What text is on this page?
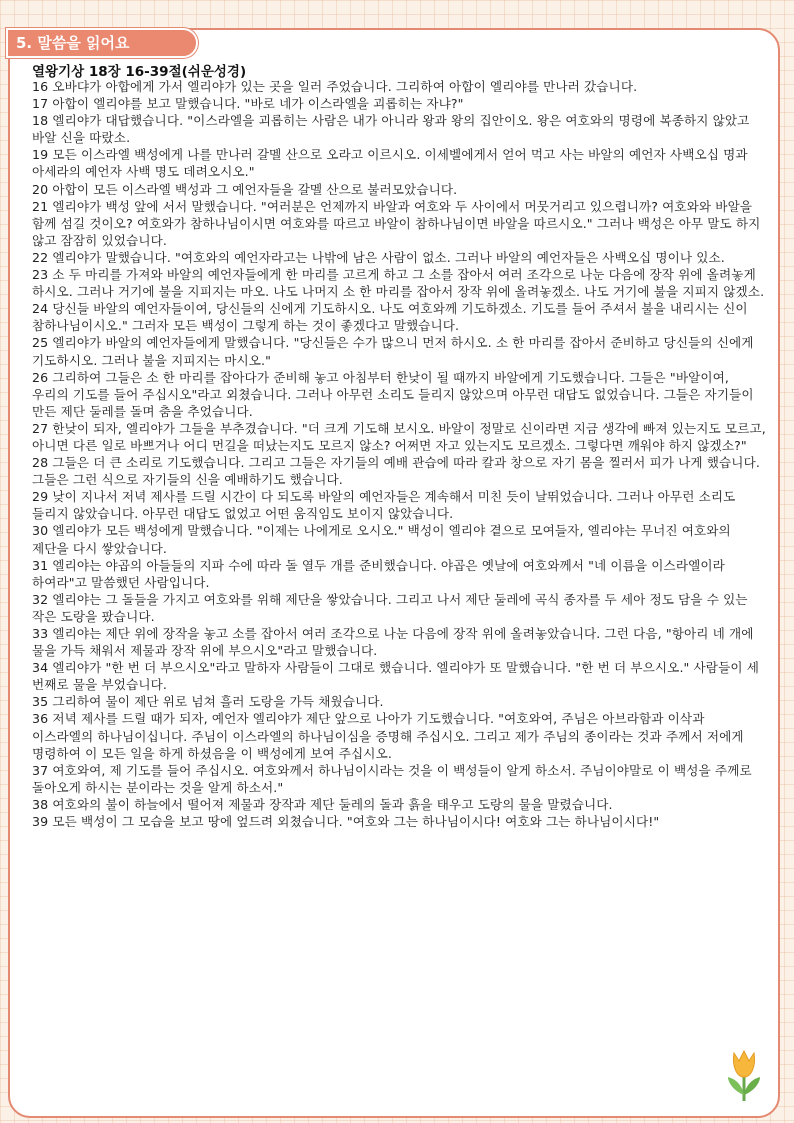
5. 말씀을 읽어요
열왕기상 18장 16-39절(쉬운성경)

16 오바댜가 아합에게 가서 엘리야가 있는 곳을 일러 주었습니다. 그리하여 아합이 엘리야를 만나러 갔습니다.

17 아합이 엘리야를 보고 말했습니다. "바로 네가 이스라엘을 괴롭히는 자냐?"

18 엘리야가 대답했습니다. "이스라엘을 괴롭히는 사람은 내가 아니라 왕과 왕의 집안이오. 왕은 여호와의 명령에 복종하지 않았고 바알 신을 따랐소.

19 모든 이스라엘 백성에게 나를 만나러 갈멜 산으로 오라고 이르시오. 이세벨에게서 얻어 먹고 사는 바알의 예언자 사백오십 명과 아세라의 예언자 사백 명도 데려오시오."

20 아합이 모든 이스라엘 백성과 그 예언자들을 갈멜 산으로 불러모았습니다.

21 엘리야가 백성 앞에 서서 말했습니다. "여러분은 언제까지 바알과 여호와 두 사이에서 머뭇거리고 있으렵니까? 여호와와 바알을 함께 섬길 것이오? 여호와가 참하나님이시면 여호와를 따르고 바알이 참하나님이면 바알을 따르시오." 그러나 백성은 아무 말도 하지 않고 잠잠히 있었습니다.

22 엘리야가 말했습니다. "여호와의 예언자라고는 나밖에 남은 사람이 없소. 그러나 바알의 예언자들은 사백오십 명이나 있소.

23 소 두 마리를 가져와 바알의 예언자들에게 한 마리를 고르게 하고 그 소를 잡아서 여러 조각으로 나눈 다음에 장작 위에 올려놓게 하시오. 그러나 거기에 불을 지피지는 마오. 나도 나머지 소 한 마리를 잡아서 장작 위에 올려놓겠소. 나도 거기에 불을 지피지 않겠소.

24 당신들 바알의 예언자들이여, 당신들의 신에게 기도하시오. 나도 여호와께 기도하겠소. 기도를 들어 주셔서 불을 내리시는 신이 참하나님이시오." 그러자 모든 백성이 그렇게 하는 것이 좋겠다고 말했습니다.

25 엘리야가 바알의 예언자들에게 말했습니다. "당신들은 수가 많으니 먼저 하시오. 소 한 마리를 잡아서 준비하고 당신들의 신에게 기도하시오. 그러나 불을 지피지는 마시오."

26 그리하여 그들은 소 한 마리를 잡아다가 준비해 놓고 아침부터 한낮이 될 때까지 바알에게 기도했습니다. 그들은 "바알이여, 우리의 기도를 들어 주십시오"라고 외쳤습니다. 그러나 아무런 소리도 들리지 않았으며 아무런 대답도 없었습니다. 그들은 자기들이 만든 제단 둘레를 돌며 춤을 추었습니다.

27 한낮이 되자, 엘리야가 그들을 부추겼습니다. "더 크게 기도해 보시오. 바알이 정말로 신이라면 지금 생각에 빠져 있는지도 모르고, 아니면 다른 일로 바쁘거나 어디 먼길을 떠났는지도 모르지 않소? 어쩌면 자고 있는지도 모르겠소. 그렇다면 깨워야 하지 않겠소?"

28 그들은 더 큰 소리로 기도했습니다. 그리고 그들은 자기들의 예배 관습에 따라 칼과 창으로 자기 몸을 찔러서 피가 나게 했습니다. 그들은 그런 식으로 자기들의 신을 예배하기도 했습니다.

29 낮이 지나서 저녁 제사를 드릴 시간이 다 되도록 바알의 예언자들은 계속해서 미친 듯이 날뛰었습니다. 그러나 아무런 소리도 들리지 않았습니다. 아무런 대답도 없었고 어떤 움직임도 보이지 않았습니다.

30 엘리야가 모든 백성에게 말했습니다. "이제는 나에게로 오시오." 백성이 엘리야 곁으로 모여들자, 엘리야는 무너진 여호와의 제단을 다시 쌓았습니다.

31 엘리야는 야곱의 아들들의 지파 수에 따라 돌 열두 개를 준비했습니다. 야곱은 옛날에 여호와께서 "네 이름을 이스라엘이라 하여라"고 말씀했던 사람입니다.

32 엘리야는 그 돌들을 가지고 여호와를 위해 제단을 쌓았습니다. 그리고 나서 제단 둘레에 곡식 종자를 두 세아 정도 담을 수 있는 작은 도랑을 팠습니다.

33 엘리야는 제단 위에 장작을 놓고 소를 잡아서 여러 조각으로 나눈 다음에 장작 위에 올려놓았습니다. 그런 다음, "항아리 네 개에 물을 가득 채워서 제물과 장작 위에 부으시오"라고 말했습니다.

34 엘리야가 "한 번 더 부으시오"라고 말하자 사람들이 그대로 했습니다. 엘리야가 또 말했습니다. "한 번 더 부으시오." 사람들이 세 번째로 물을 부었습니다.

35 그리하여 물이 제단 위로 넘쳐 흘러 도랑을 가득 채웠습니다.

36 저녁 제사를 드릴 때가 되자, 예언자 엘리야가 제단 앞으로 나아가 기도했습니다. "여호와여, 주님은 아브라함과 이삭과 이스라엘의 하나님이십니다. 주님이 이스라엘의 하나님이심을 증명해 주십시오. 그리고 제가 주님의 종이라는 것과 주께서 저에게 명령하여 이 모든 일을 하게 하셨음을 이 백성에게 보여 주십시오.

37 여호와여, 제 기도를 들어 주십시오. 여호와께서 하나님이시라는 것을 이 백성들이 알게 하소서. 주님이야말로 이 백성을 주께로 돌아오게 하시는 분이라는 것을 알게 하소서."

38 여호와의 불이 하늘에서 떨어져 제물과 장작과 제단 둘레의 돌과 흙을 태우고 도랑의 물을 말렸습니다.

39 모든 백성이 그 모습을 보고 땅에 엎드려 외쳤습니다. "여호와 그는 하나님이시다! 여호와 그는 하나님이시다!"
